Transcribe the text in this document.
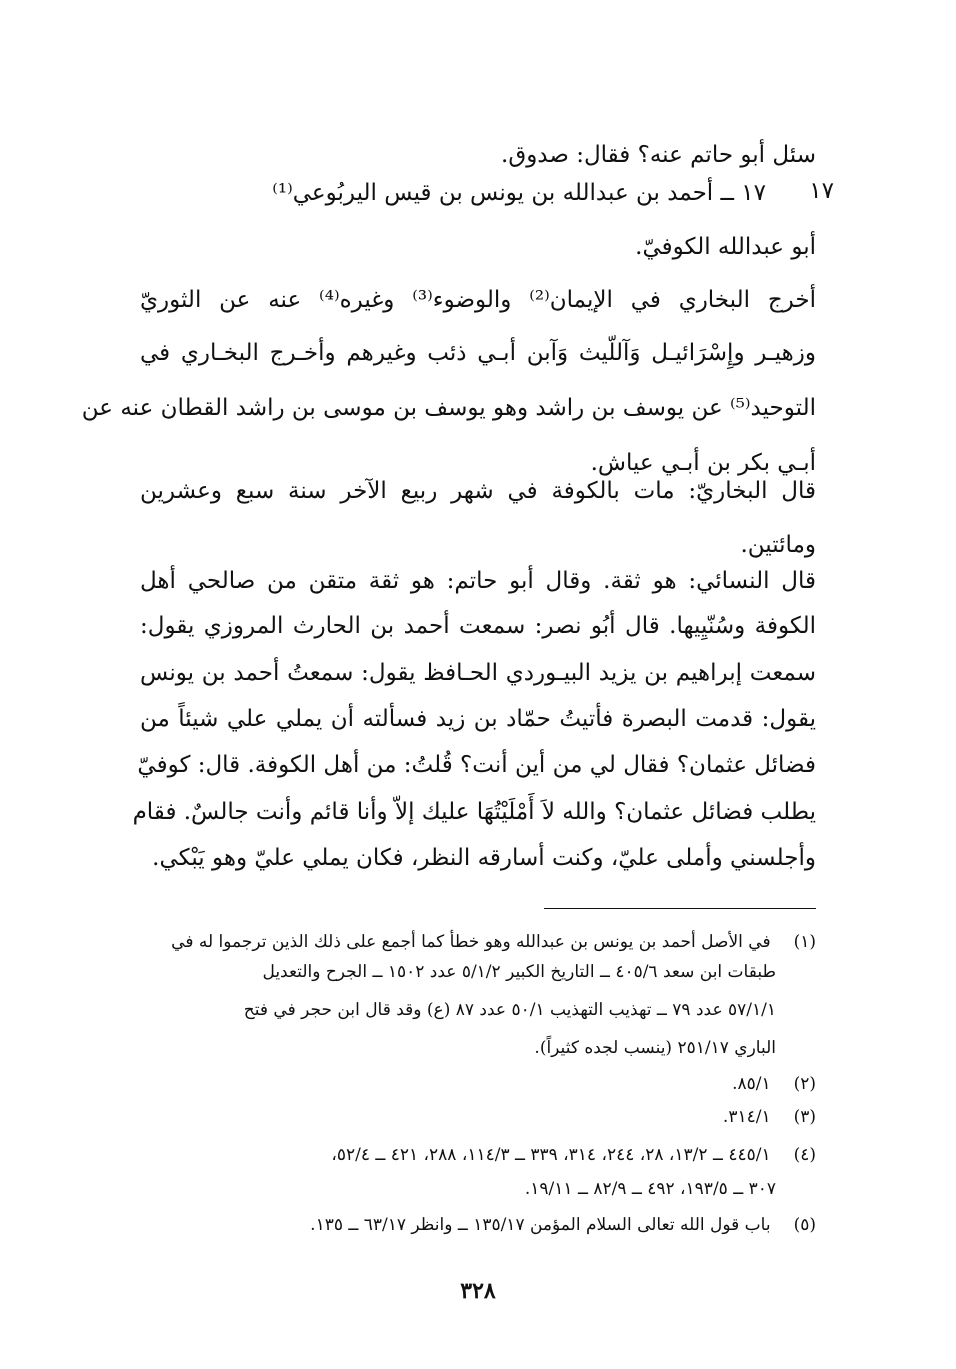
سئل أبو حاتم عنه؟ فقال: صدوق.
١٧
١٧ ــ أحمد بن عبدالله بن يونس بن قيس اليربُوعي⁽¹⁾
أبو عبدالله الكوفيّ.
أخرج البخاري في الإيمان⁽²⁾ والوضوء⁽³⁾ وغيره⁽⁴⁾ عنه عن الثوريّ
وزهيـر وإِسْرَائيـل وَآللّيث وَآبن أبـي ذئب وغيرهم وأخـرج البخـاري في
التوحيد⁽⁵⁾ عن يوسف بن راشد وهو يوسف بن موسى بن راشد القطان عنه عن
أبـي بكر بن أبـي عياش.
قال البخاريّ: مات بالكوفة في شهر ربيع الآخر سنة سبع وعشرين
ومائتين.
قال النسائي: هو ثقة. وقال أبو حاتم: هو ثقة متقن من صالحي أهل
الكوفة وسُنّيِيها. قال أبُو نصر: سمعت أحمد بن الحارث المروزي يقول:
سمعت إبراهيم بن يزيد البيـوردي الحـافظ يقول: سمعتُ أحمد بن يونس
يقول: قدمت البصرة فأتيتُ حمّاد بن زيد فسألته أن يملي علي شيئاً من
فضائل عثمان؟ فقال لي من أين أنت؟ قُلتُ: من أهل الكوفة. قال: كوفيّ
يطلب فضائل عثمان؟ والله لاَ أَمْلَيْتُهَا عليك إلاّ وأنا قائم وأنت جالسٌ. فقام
وأجلسني وأملى عليّ، وكنت أسارقه النظر، فكان يملي عليّ وهو يَبْكي.
(١) في الأصل أحمد بن يونس بن عبدالله وهو خطأ كما أجمع على ذلك الذين ترجموا له في
طبقات ابن سعد ٤٠٥/٦ ــ التاريخ الكبير ٥/١/٢ عدد ١٥٠٢ ــ الجرح والتعديل
٥٧/١/١ عدد ٧٩ ــ تهذيب التهذيب ٥٠/١ عدد ٨٧ (ع) وقد قال ابن حجر في فتح
الباري ٢٥١/١٧ (ينسب لجده كثيراً).
(٢) ٨٥/١.
(٣) ٣١٤/١.
(٤) ٤٤٥/١ ــ ١٣/٢، ٢٨، ٢٤٤، ٣١٤، ٣٣٩ ــ ١١٤/٣، ٢٨٨، ٤٢١ ــ ٥٢/٤،
٣٠٧ ــ ١٩٣/٥، ٤٩٢ ــ ٨٢/٩ ــ ١٩/١١.
(٥) باب قول الله تعالى السلام المؤمن ١٣٥/١٧ ــ وانظر ٦٣/١٧ ــ ١٣٥.
٣٢٨
